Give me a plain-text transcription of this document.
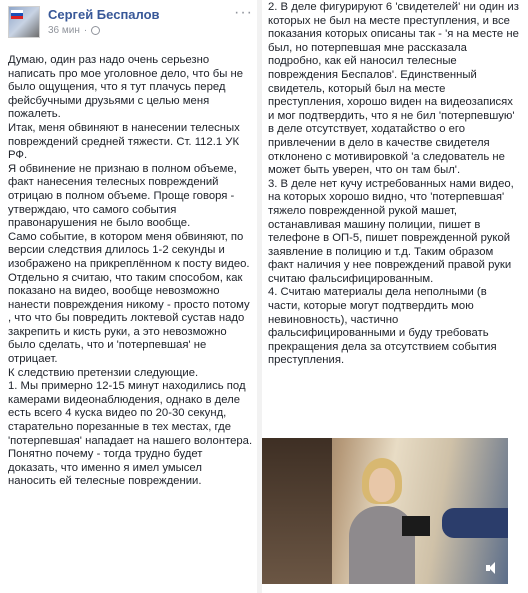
Сергей Беспалов
36 мин ·
···
Думаю, один раз надо очень серьезно написать про мое уголовное дело, что бы не было ощущения, что я тут плачусь перед фейсбучными друзьями с целью меня пожалеть.
Итак, меня обвиняют в нанесении телесных повреждений средней тяжести. Ст. 112.1 УК РФ.
Я обвинение не признаю в полном объеме, факт нанесения телесных повреждений отрицаю в полном объеме. Проще говоря - утверждаю, что самого события правонарушения не было вообще.
Само событие, в котором меня обвиняют, по версии следствия длилось 1-2 секунды и изображено на прикреплённом к посту видео.
Отдельно я считаю, что таким способом, как показано на видео, вообще невозможно нанести повреждения никому - просто потому , что что бы повредить локтевой сустав надо закрепить и кисть руки, а это невозможно было сделать, что и 'потерпевшая' не отрицает.
К следствию претензии следующие.
1. Мы примерно 12-15 минут находились под камерами видеонаблюдения, однако в деле есть всего 4 куска видео по 20-30 секунд, старательно порезанные в тех местах, где 'потерпевшая' нападает на нашего волонтера. Понятно почему - тогда трудно будет доказать, что именно я имел умысел наносить ей телесные повреждении.
2. В деле фигурируют 6 'свидетелей' ни один из которых не был на месте преступления, и все показания которых описаны так - 'я на месте не был, но потерпевшая мне рассказала подробно, как ей наносил телесные повреждения Беспалов'. Единственный свидетель, который был на месте преступления, хорошо виден на видеозаписях и мог подтвердить, что я не бил 'потерпевшую' в деле отсутствует, ходатайство о его привлечении в дело в качестве свидетеля отклонено с мотивировкой 'а следователь не может быть уверен, что он там был'.
3. В деле нет кучу истребованных нами видео, на которых хорошо видно, что 'потерпевшая' тяжело поврежденной рукой машет, останавливая машину полиции, пишет в телефоне в ОП-5, пишет поврежденной рукой заявление в полицию и т.д. Таким образом факт наличия у нее повреждений правой руки считаю фальсифицированным.
4. Считаю материалы дела неполными (в части, которые могут подтвердить мою невиновность), частично фальсифицированными и буду требовать прекращения дела за отсутствием события преступления.
